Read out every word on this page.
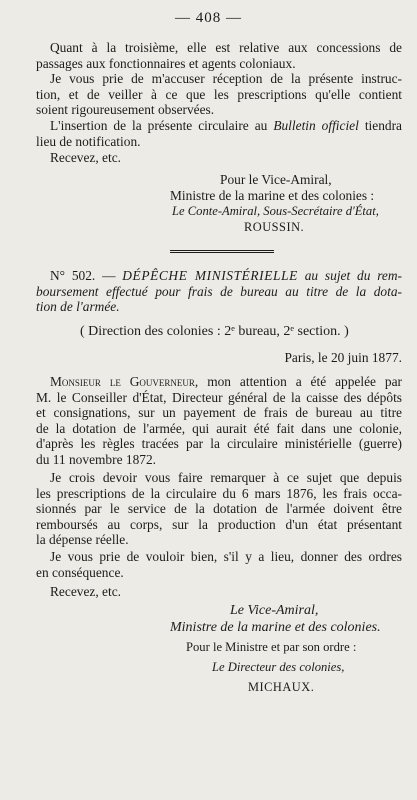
— 408 —
Quant à la troisième, elle est relative aux concessions de
passages aux fonctionnaires et agents coloniaux.
Je vous prie de m'accuser réception de la présente instruc-
tion, et de veiller à ce que les prescriptions qu'elle contient
soient rigoureusement observées.
L'insertion de la présente circulaire au Bulletin officiel tiendra
lieu de notification.
Recevez, etc.
Pour le Vice-Amiral,
Ministre de la marine et des colonies :
Le Conte-Amiral, Sous-Secrétaire d'État,
ROUSSIN.
N° 502. — DÉPÊCHE MINISTÉRIELLE au sujet du rem-
boursement effectué pour frais de bureau au titre de la dota-
tion de l'armée.
( Direction des colonies : 2ᵉ bureau, 2ᵉ section. )
Paris, le 20 juin 1877.
Monsieur le Gouverneur, mon attention a été appelée par
M. le Conseiller d'État, Directeur général de la caisse des dépôts
et consignations, sur un payement de frais de bureau au titre
de la dotation de l'armée, qui aurait été fait dans une colonie,
d'après les règles tracées par la circulaire ministérielle (guerre)
du 11 novembre 1872.
Je crois devoir vous faire remarquer à ce sujet que depuis
les prescriptions de la circulaire du 6 mars 1876, les frais occa-
sionnés par le service de la dotation de l'armée doivent être
remboursés au corps, sur la production d'un état présentant
la dépense réelle.
Je vous prie de vouloir bien, s'il y a lieu, donner des ordres
en conséquence.
Recevez, etc.
Le Vice-Amiral,
Ministre de la marine et des colonies.
Pour le Ministre et par son ordre :
Le Directeur des colonies,
MICHAUX.
